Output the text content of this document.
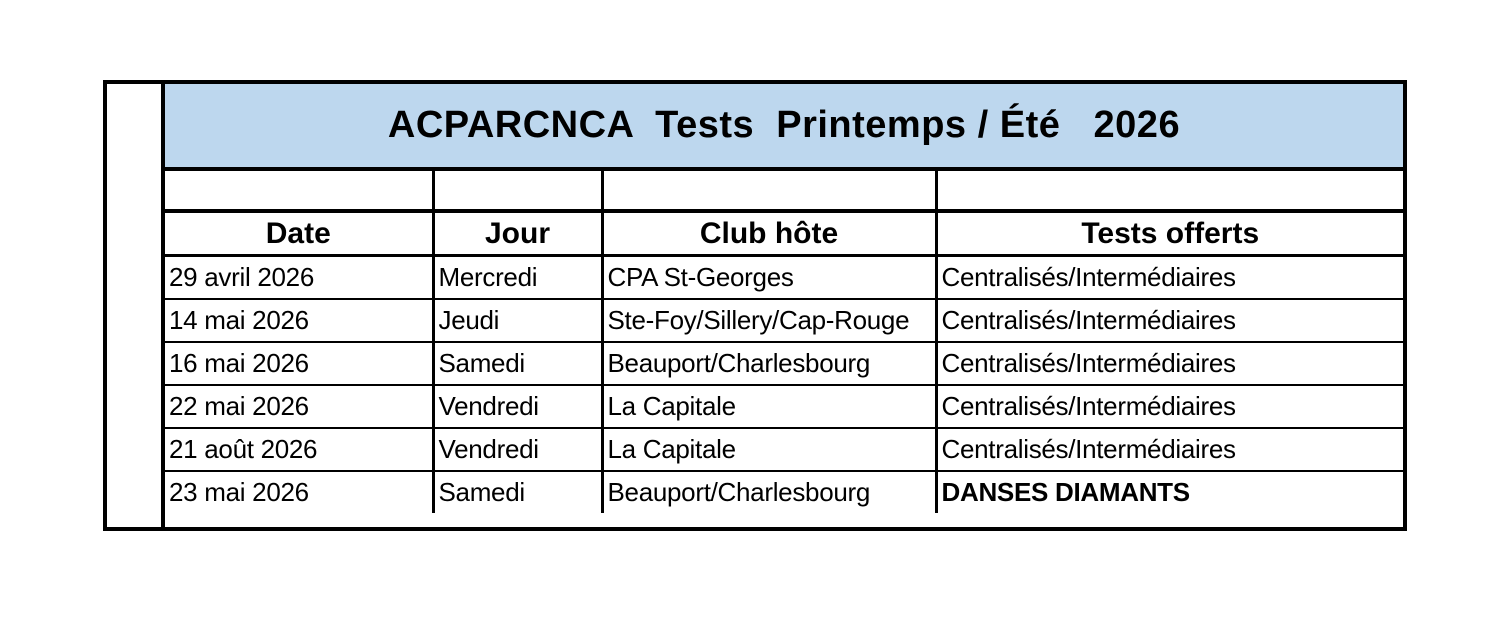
ACPARCNCA  Tests  Printemps / Été   2026

Date	Jour	Club hôte	Tests offerts
29 avril 2026	Mercredi	CPA St-Georges	Centralisés/Intermédiaires
14 mai 2026	Jeudi	Ste-Foy/Sillery/Cap-Rouge	Centralisés/Intermédiaires
16 mai 2026	Samedi	Beauport/Charlesbourg	Centralisés/Intermédiaires
22 mai 2026	Vendredi	La Capitale	Centralisés/Intermédiaires
21 août 2026	Vendredi	La Capitale	Centralisés/Intermédiaires
23 mai 2026	Samedi	Beauport/Charlesbourg	DANSES DIAMANTS
